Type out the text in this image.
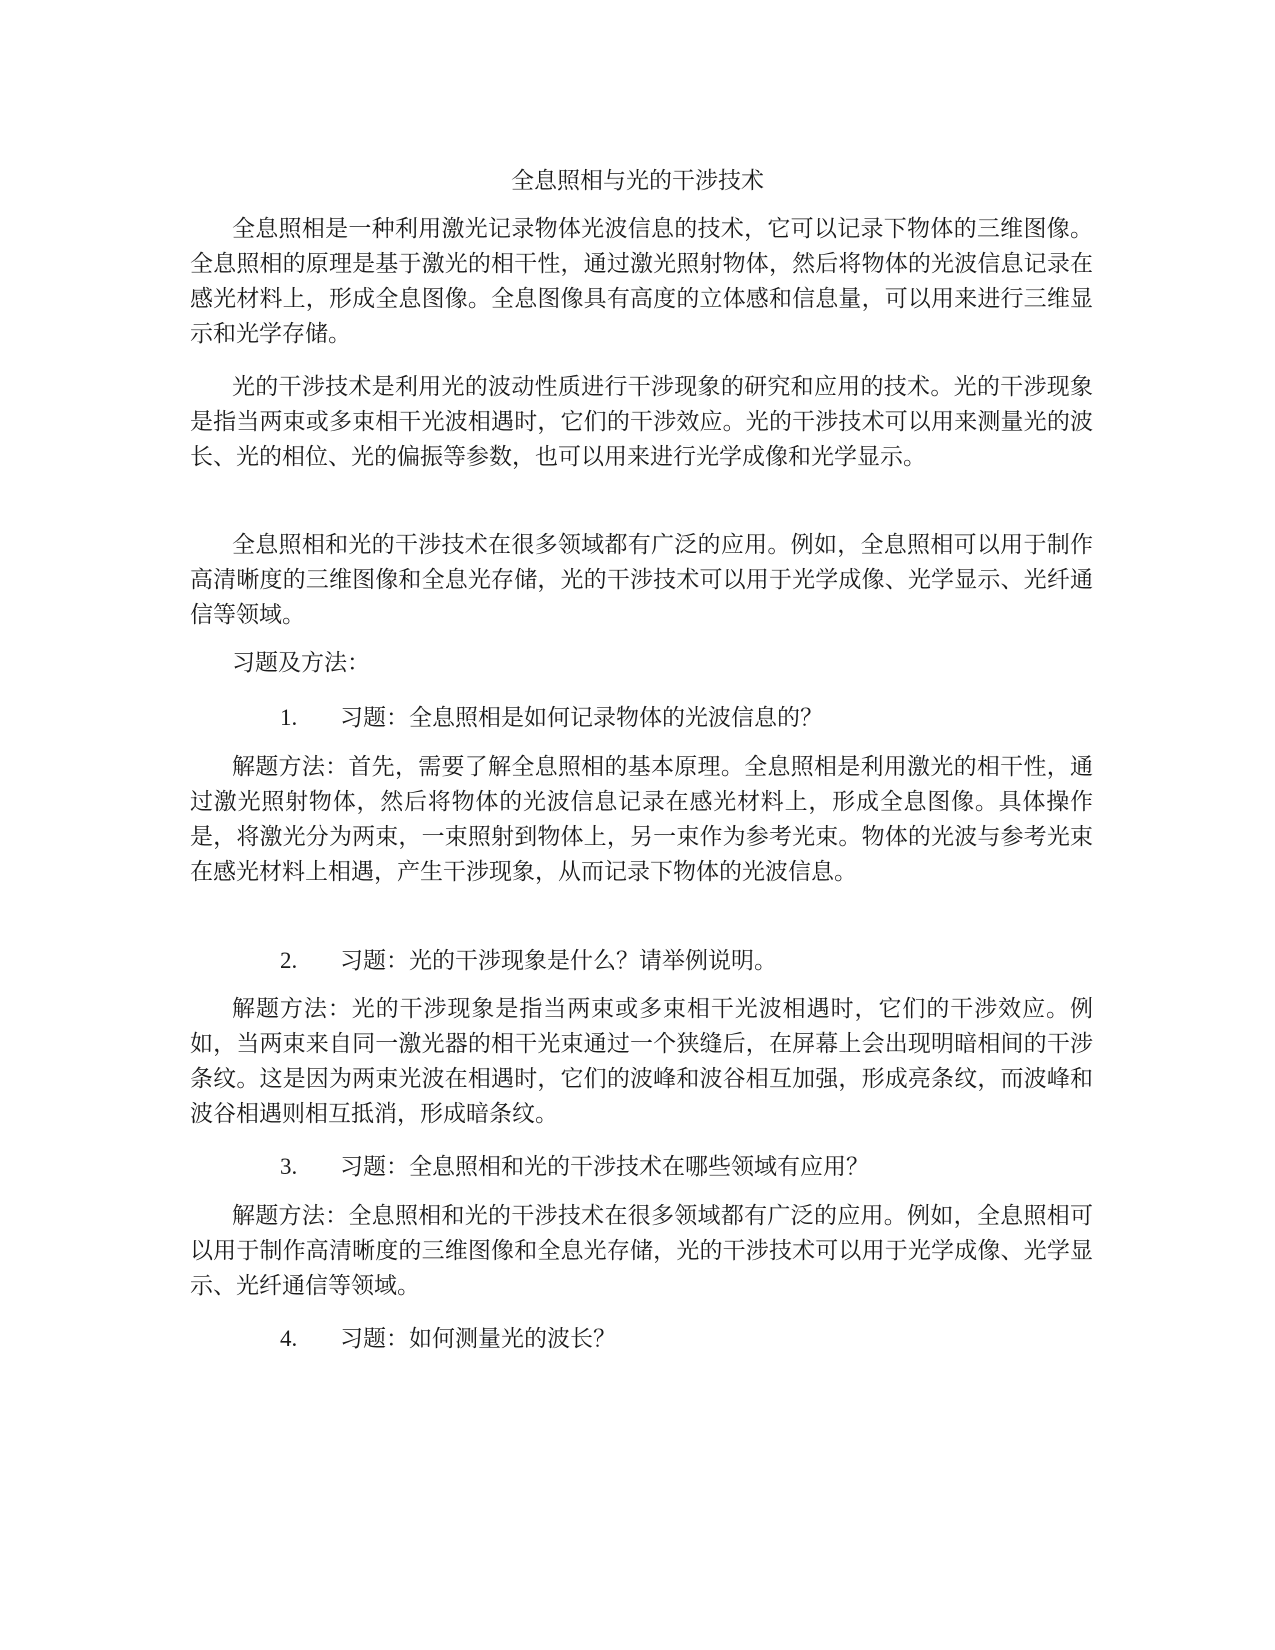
全息照相与光的干涉技术

全息照相是一种利用激光记录物体光波信息的技术，它可以记录下物体的三维图像。全息照相的原理是基于激光的相干性，通过激光照射物体，然后将物体的光波信息记录在感光材料上，形成全息图像。全息图像具有高度的立体感和信息量，可以用来进行三维显示和光学存储。

光的干涉技术是利用光的波动性质进行干涉现象的研究和应用的技术。光的干涉现象是指当两束或多束相干光波相遇时，它们的干涉效应。光的干涉技术可以用来测量光的波长、光的相位、光的偏振等参数，也可以用来进行光学成像和光学显示。

全息照相和光的干涉技术在很多领域都有广泛的应用。例如，全息照相可以用于制作高清晰度的三维图像和全息光存储，光的干涉技术可以用于光学成像、光学显示、光纤通信等领域。

习题及方法：

1. 习题：全息照相是如何记录物体的光波信息的？

解题方法：首先，需要了解全息照相的基本原理。全息照相是利用激光的相干性，通过激光照射物体，然后将物体的光波信息记录在感光材料上，形成全息图像。具体操作是，将激光分为两束，一束照射到物体上，另一束作为参考光束。物体的光波与参考光束在感光材料上相遇，产生干涉现象，从而记录下物体的光波信息。

2. 习题：光的干涉现象是什么？请举例说明。

解题方法：光的干涉现象是指当两束或多束相干光波相遇时，它们的干涉效应。例如，当两束来自同一激光器的相干光束通过一个狭缝后，在屏幕上会出现明暗相间的干涉条纹。这是因为两束光波在相遇时，它们的波峰和波谷相互加强，形成亮条纹，而波峰和波谷相遇则相互抵消，形成暗条纹。

3. 习题：全息照相和光的干涉技术在哪些领域有应用？

解题方法：全息照相和光的干涉技术在很多领域都有广泛的应用。例如，全息照相可以用于制作高清晰度的三维图像和全息光存储，光的干涉技术可以用于光学成像、光学显示、光纤通信等领域。

4. 习题：如何测量光的波长？
